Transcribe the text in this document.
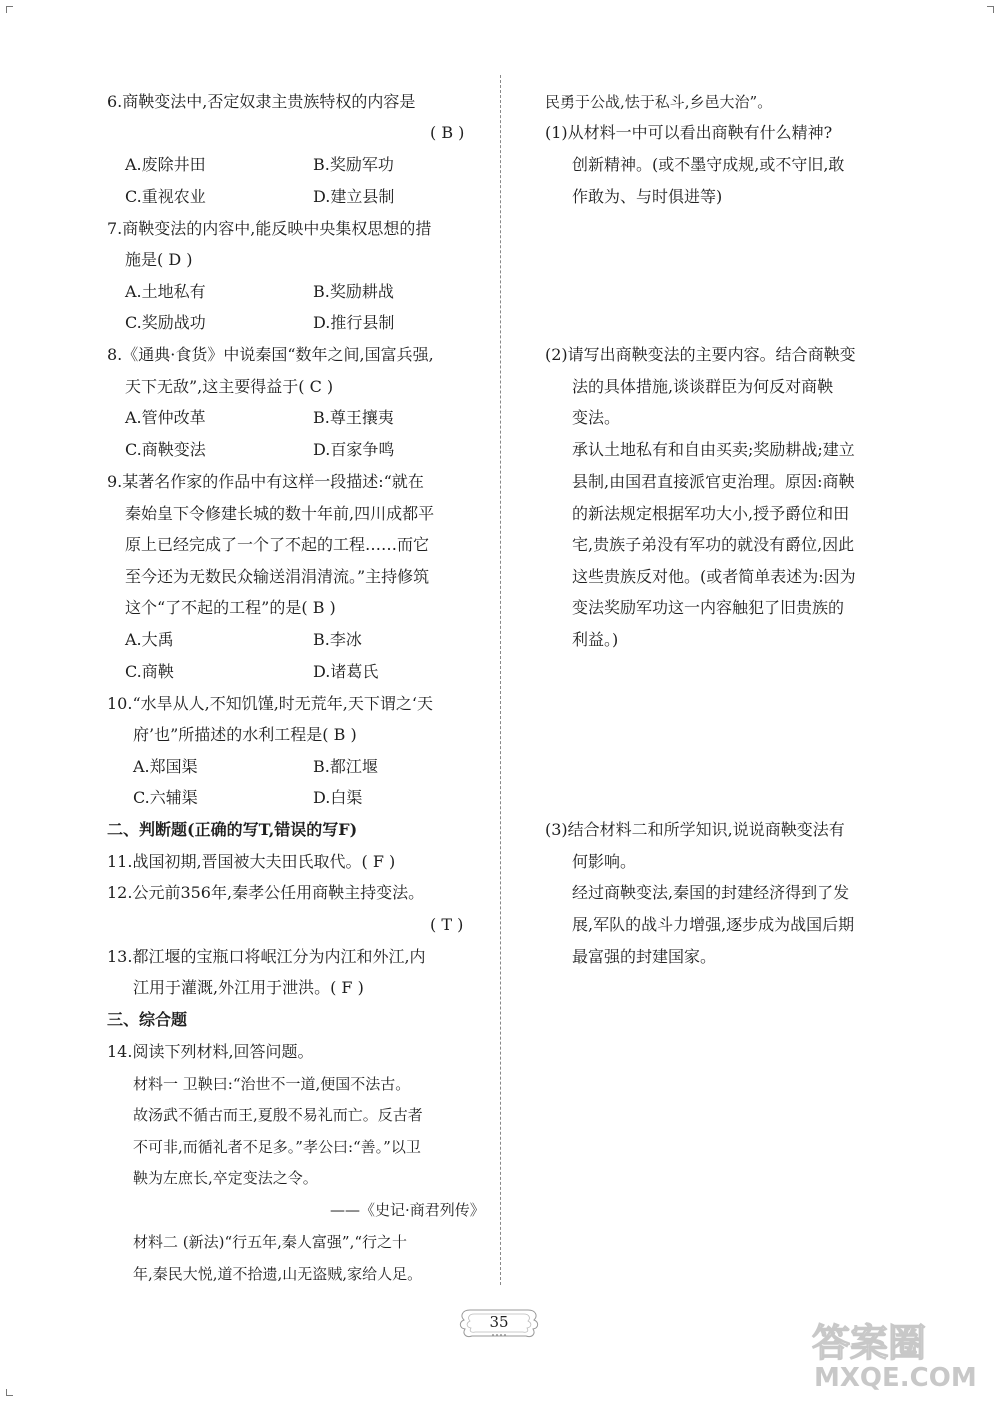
6.商鞅变法中,否定奴隶主贵族特权的内容是
( B )
A.废除井田	B.奖励军功
C.重视农业	D.建立县制
7.商鞅变法的内容中,能反映中央集权思想的措
施是( D )
A.土地私有	B.奖励耕战
C.奖励战功	D.推行县制
8.《通典·食货》中说秦国“数年之间,国富兵强,
天下无敌”,这主要得益于( C )
A.管仲改革	B.尊王攘夷
C.商鞅变法	D.百家争鸣
9.某著名作家的作品中有这样一段描述:“就在
秦始皇下令修建长城的数十年前,四川成都平
原上已经完成了一个了不起的工程……而它
至今还为无数民众输送涓涓清流。”主持修筑
这个“了不起的工程”的是( B )
A.大禹	B.李冰
C.商鞅	D.诸葛氏
10.“水旱从人,不知饥馑,时无荒年,天下谓之‘天
府’也”所描述的水利工程是( B )
A.郑国渠	B.都江堰
C.六辅渠	D.白渠
二、判断题(正确的写T,错误的写F)
11.战国初期,晋国被大夫田氏取代。( F )
12.公元前356年,秦孝公任用商鞅主持变法。
( T )
13.都江堰的宝瓶口将岷江分为内江和外江,内
江用于灌溉,外江用于泄洪。( F )
三、综合题
14.阅读下列材料,回答问题。
材料一 卫鞅曰:“治世不一道,便国不法古。
故汤武不循古而王,夏殷不易礼而亡。反古者
不可非,而循礼者不足多。”孝公曰:“善。”以卫
鞅为左庶长,卒定变法之令。
——《史记·商君列传》
材料二 (新法)“行五年,秦人富强”,“行之十
年,秦民大悦,道不拾遗,山无盗贼,家给人足。
民勇于公战,怯于私斗,乡邑大治”。
(1)从材料一中可以看出商鞅有什么精神?
创新精神。(或不墨守成规,或不守旧,敢
作敢为、与时俱进等)
(2)请写出商鞅变法的主要内容。结合商鞅变
法的具体措施,谈谈群臣为何反对商鞅
变法。
承认土地私有和自由买卖;奖励耕战;建立
县制,由国君直接派官吏治理。原因:商鞅
的新法规定根据军功大小,授予爵位和田
宅,贵族子弟没有军功的就没有爵位,因此
这些贵族反对他。(或者简单表述为:因为
变法奖励军功这一内容触犯了旧贵族的
利益。)
(3)结合材料二和所学知识,说说商鞅变法有
何影响。
经过商鞅变法,秦国的封建经济得到了发
展,军队的战斗力增强,逐步成为战国后期
最富强的封建国家。
35	答案圈
MXQE.COM
